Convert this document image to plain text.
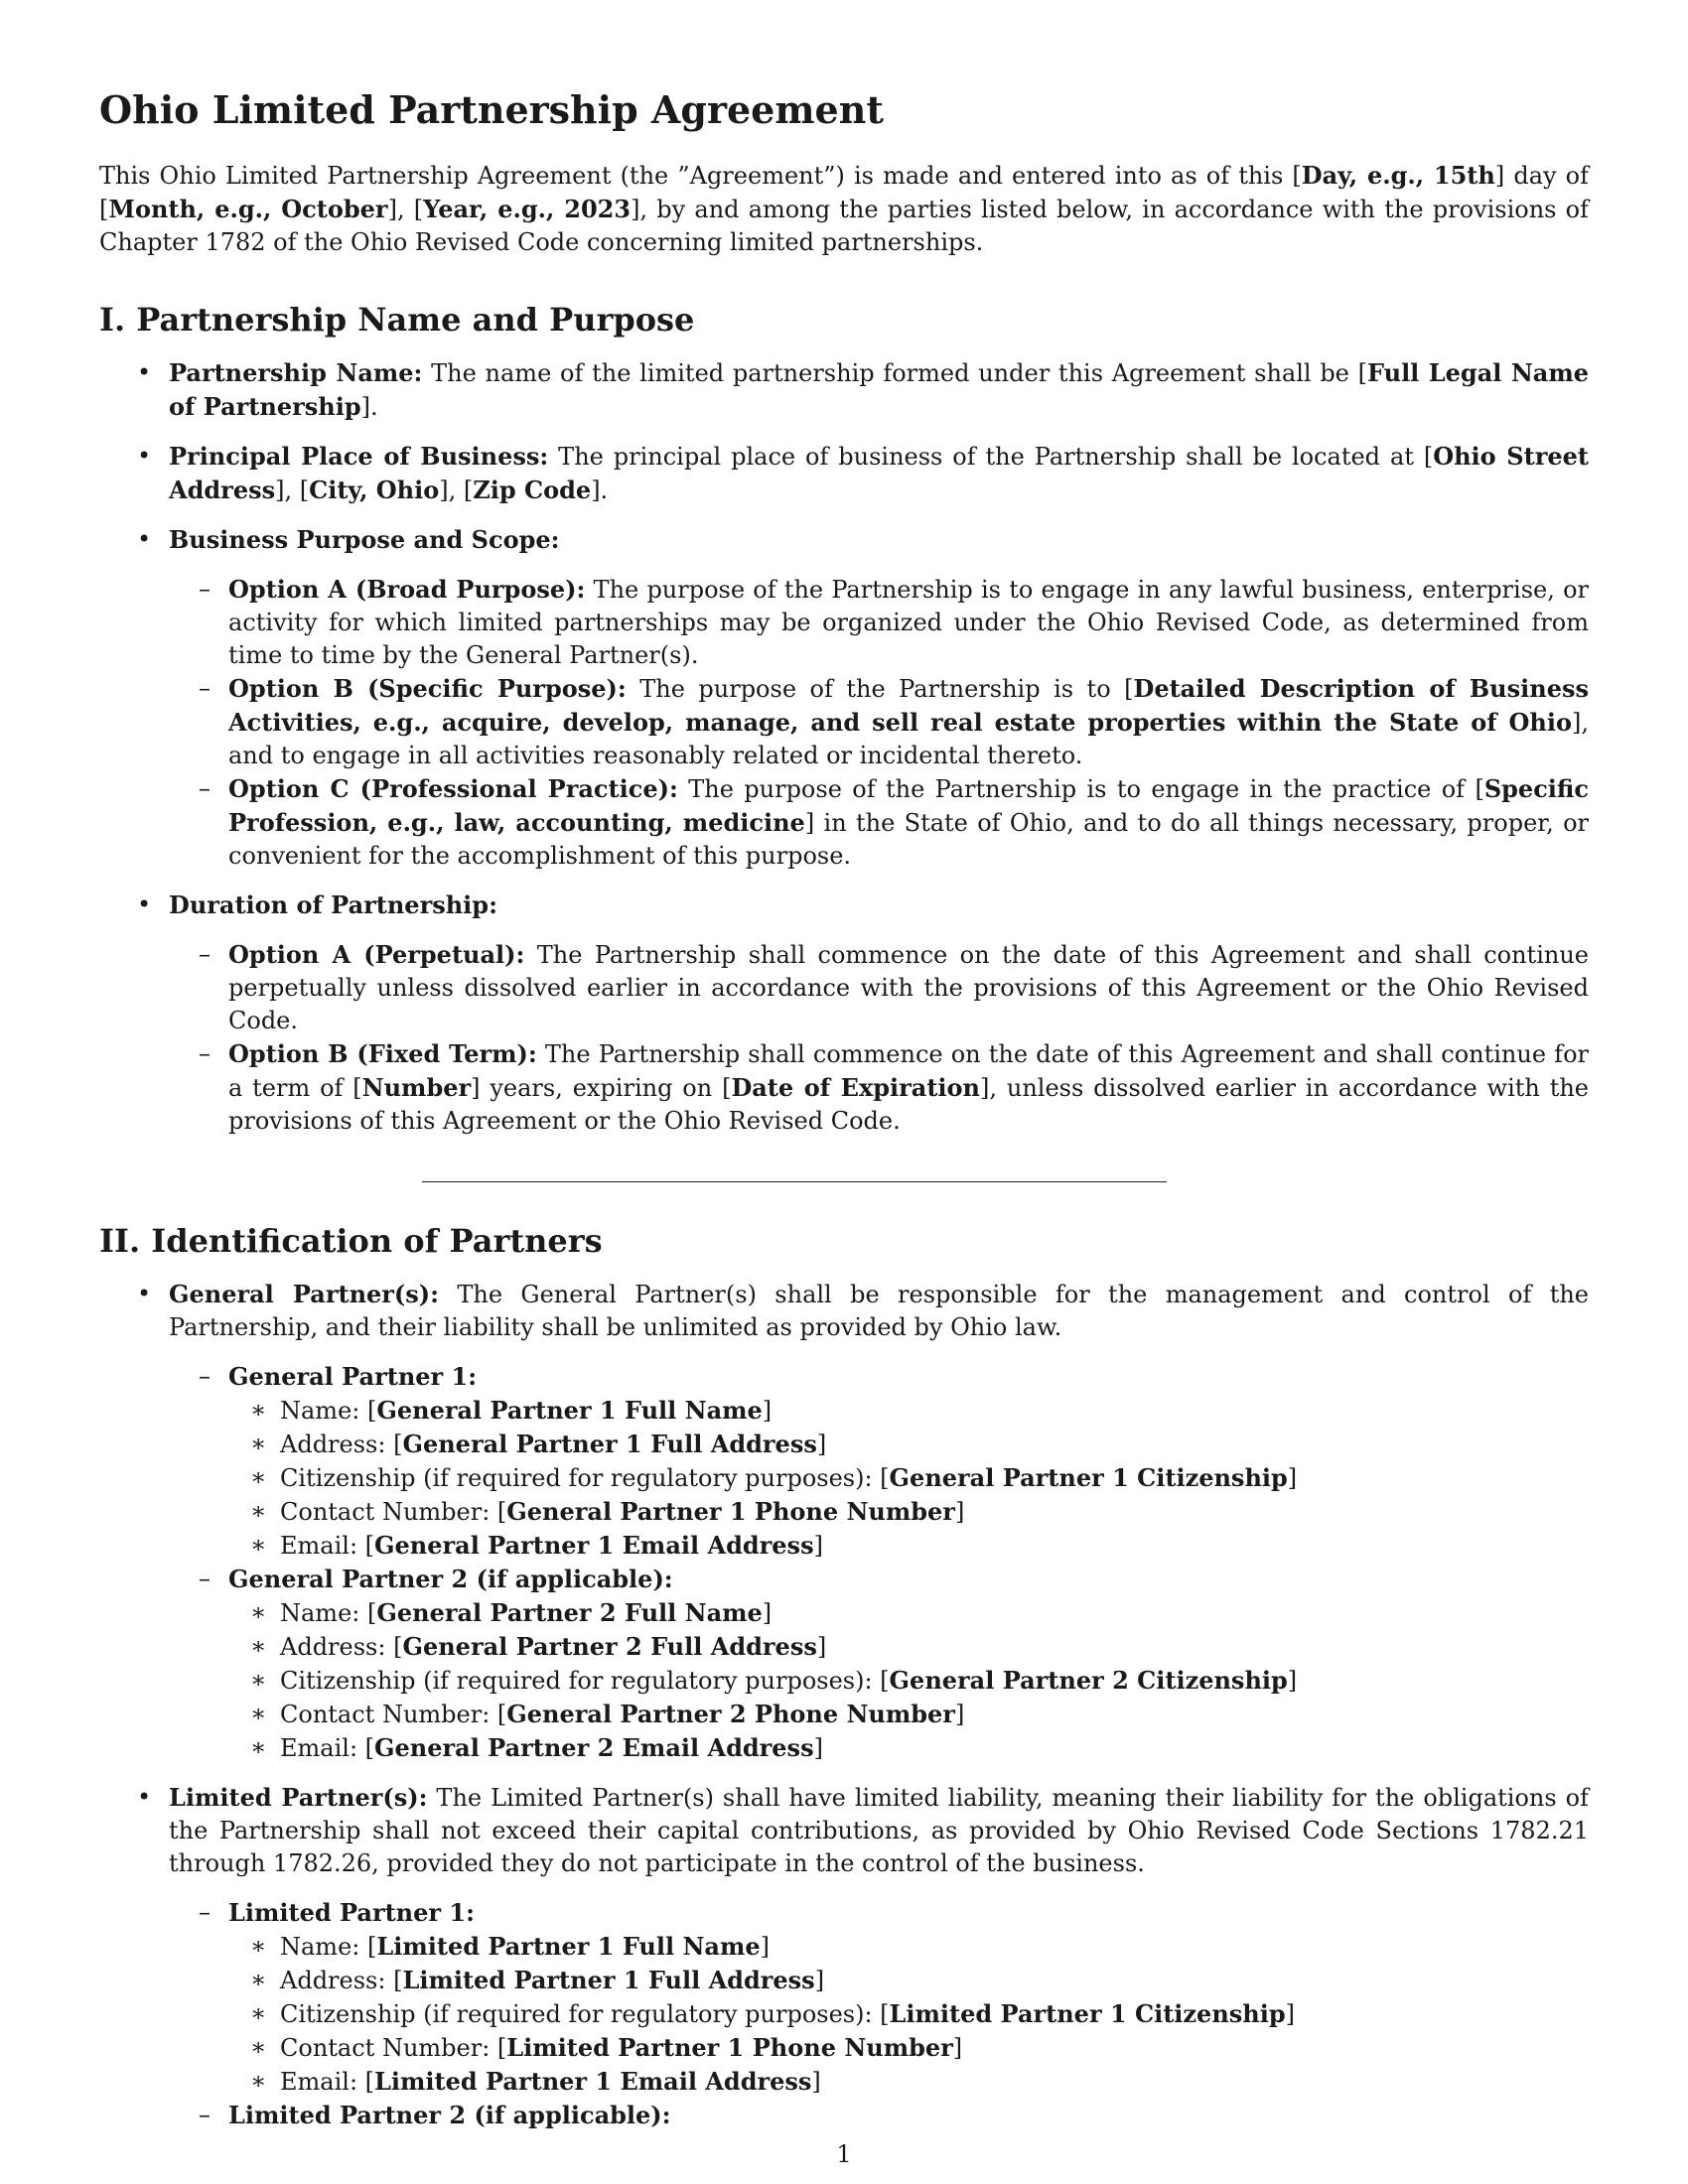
Ohio Limited Partnership Agreement

This Ohio Limited Partnership Agreement (the ”Agreement”) is made and entered into as of this [Day, e.g., 15th] day of [Month, e.g., October], [Year, e.g., 2023], by and among the parties listed below, in accordance with the provisions of Chapter 1782 of the Ohio Revised Code concerning limited partnerships.

I. Partnership Name and Purpose
• Partnership Name: The name of the limited partnership formed under this Agreement shall be [Full Legal Name of Partnership].
• Principal Place of Business: The principal place of business of the Partnership shall be located at [Ohio Street Address], [City, Ohio], [Zip Code].
• Business Purpose and Scope:
– Option A (Broad Purpose): The purpose of the Partnership is to engage in any lawful business, enterprise, or activity for which limited partnerships may be organized under the Ohio Revised Code, as determined from time to time by the General Partner(s).
– Option B (Specific Purpose): The purpose of the Partnership is to [Detailed Description of Business Activities, e.g., acquire, develop, manage, and sell real estate properties within the State of Ohio], and to engage in all activities reasonably related or incidental thereto.
– Option C (Professional Practice): The purpose of the Partnership is to engage in the practice of [Specific Profession, e.g., law, accounting, medicine] in the State of Ohio, and to do all things necessary, proper, or convenient for the accomplishment of this purpose.
• Duration of Partnership:
– Option A (Perpetual): The Partnership shall commence on the date of this Agreement and shall continue perpetually unless dissolved earlier in accordance with the provisions of this Agreement or the Ohio Revised Code.
– Option B (Fixed Term): The Partnership shall commence on the date of this Agreement and shall continue for a term of [Number] years, expiring on [Date of Expiration], unless dissolved earlier in accordance with the provisions of this Agreement or the Ohio Revised Code.
II. Identification of Partners
• General Partner(s): The General Partner(s) shall be responsible for the management and control of the Partnership, and their liability shall be unlimited as provided by Ohio law.
– General Partner 1:
∗ Name: [General Partner 1 Full Name]
∗ Address: [General Partner 1 Full Address]
∗ Citizenship (if required for regulatory purposes): [General Partner 1 Citizenship]
∗ Contact Number: [General Partner 1 Phone Number]
∗ Email: [General Partner 1 Email Address]
– General Partner 2 (if applicable):
∗ Name: [General Partner 2 Full Name]
∗ Address: [General Partner 2 Full Address]
∗ Citizenship (if required for regulatory purposes): [General Partner 2 Citizenship]
∗ Contact Number: [General Partner 2 Phone Number]
∗ Email: [General Partner 2 Email Address]
• Limited Partner(s): The Limited Partner(s) shall have limited liability, meaning their liability for the obligations of the Partnership shall not exceed their capital contributions, as provided by Ohio Revised Code Sections 1782.21 through 1782.26, provided they do not participate in the control of the business.
– Limited Partner 1:
∗ Name: [Limited Partner 1 Full Name]
∗ Address: [Limited Partner 1 Full Address]
∗ Citizenship (if required for regulatory purposes): [Limited Partner 1 Citizenship]
∗ Contact Number: [Limited Partner 1 Phone Number]
∗ Email: [Limited Partner 1 Email Address]
– Limited Partner 2 (if applicable):
1
